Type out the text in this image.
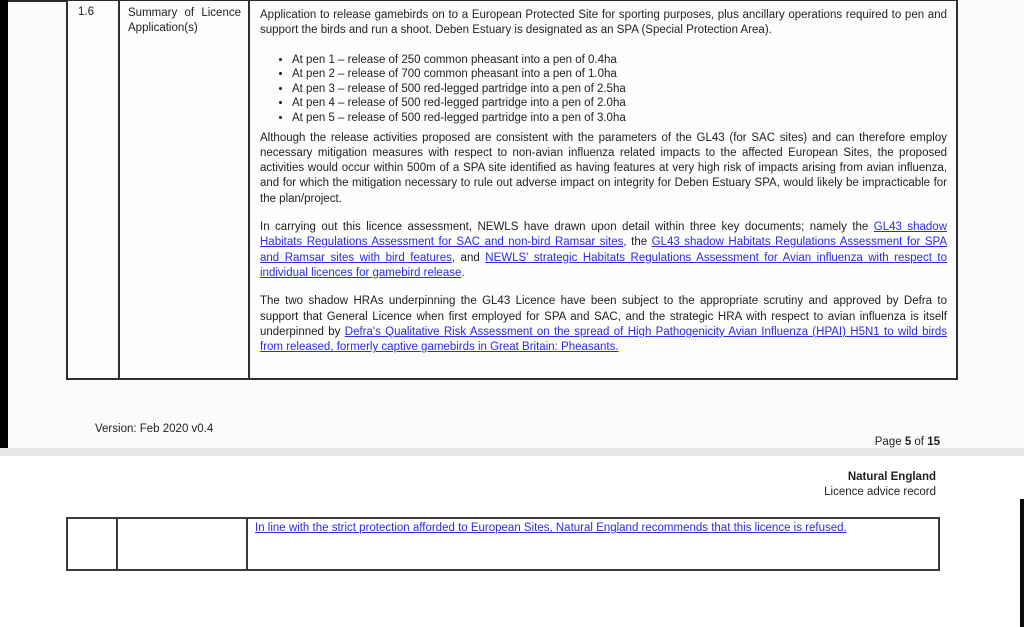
1.6	Summary of Licence Application(s)

Application to release gamebirds on to a European Protected Site for sporting purposes, plus ancillary operations required to pen and support the birds and run a shoot. Deben Estuary is designated as an SPA (Special Protection Area).

• At pen 1 – release of 250 common pheasant into a pen of 0.4ha
• At pen 2 – release of 700 common pheasant into a pen of 1.0ha
• At pen 3 – release of 500 red-legged partridge into a pen of 2.5ha
• At pen 4 – release of 500 red-legged partridge into a pen of 2.0ha
• At pen 5 – release of 500 red-legged partridge into a pen of 3.0ha

Although the release activities proposed are consistent with the parameters of the GL43 (for SAC sites) and can therefore employ necessary mitigation measures with respect to non-avian influenza related impacts to the affected European Sites, the proposed activities would occur within 500m of a SPA site identified as having features at very high risk of impacts arising from avian influenza, and for which the mitigation necessary to rule out adverse impact on integrity for Deben Estuary SPA, would likely be impracticable for the plan/project.

In carrying out this licence assessment, NEWLS have drawn upon detail within three key documents; namely the GL43 shadow Habitats Regulations Assessment for SAC and non-bird Ramsar sites, the GL43 shadow Habitats Regulations Assessment for SPA and Ramsar sites with bird features, and NEWLS' strategic Habitats Regulations Assessment for Avian influenza with respect to individual licences for gamebird release.

The two shadow HRAs underpinning the GL43 Licence have been subject to the appropriate scrutiny and approved by Defra to support that General Licence when first employed for SPA and SAC, and the strategic HRA with respect to avian influenza is itself underpinned by Defra's Qualitative Risk Assessment on the spread of High Pathogenicity Avian Influenza (HPAI) H5N1 to wild birds from released, formerly captive gamebirds in Great Britain: Pheasants.

Version: Feb 2020 v0.4
Page 5 of 15
Natural England
Licence advice record
In line with the strict protection afforded to European Sites, Natural England recommends that this licence is refused.
